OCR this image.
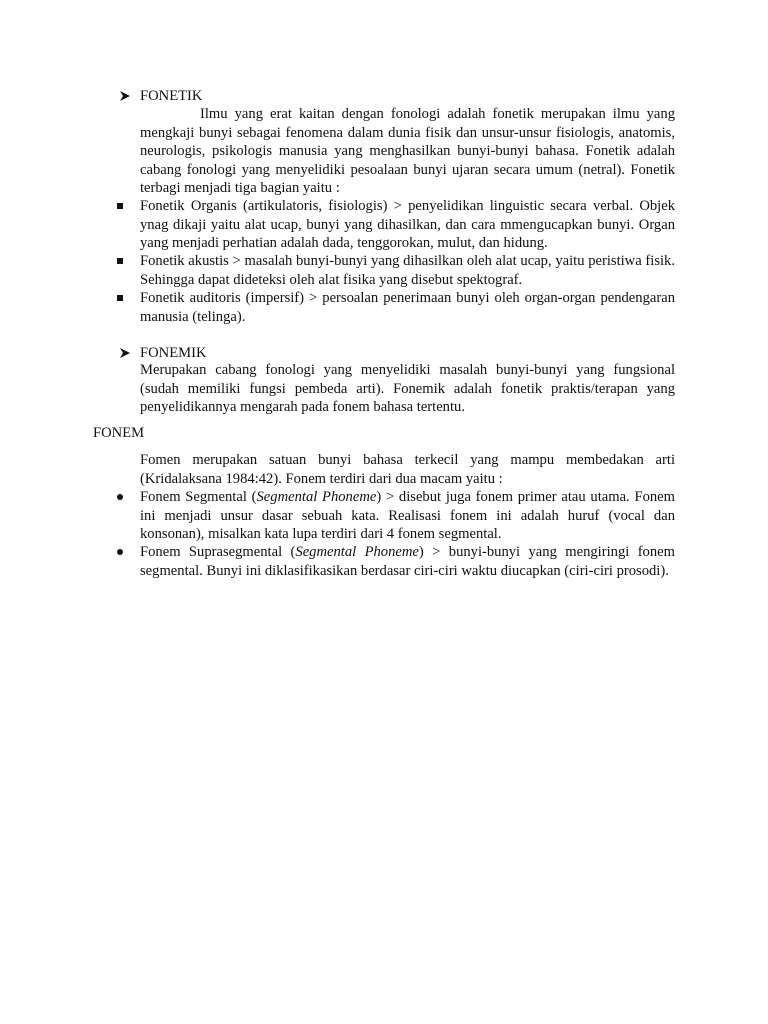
FONETIK

Ilmu yang erat kaitan dengan fonologi adalah fonetik merupakan ilmu yang mengkaji bunyi sebagai fenomena dalam dunia fisik dan unsur-unsur fisiologis, anatomis, neurologis, psikologis manusia yang menghasilkan bunyi-bunyi bahasa. Fonetik adalah cabang fonologi yang menyelidiki pesoalaan bunyi ujaran secara umum (netral). Fonetik terbagi menjadi tiga bagian yaitu :

Fonetik Organis (artikulatoris, fisiologis) > penyelidikan linguistic secara verbal. Objek ynag dikaji yaitu alat ucap, bunyi yang dihasilkan, dan cara mmengucapkan bunyi. Organ yang menjadi perhatian adalah dada, tenggorokan, mulut, dan hidung.

Fonetik akustis > masalah bunyi-bunyi yang dihasilkan oleh alat ucap, yaitu peristiwa fisik. Sehingga dapat dideteksi oleh alat fisika yang disebut spektograf.

Fonetik auditoris (impersif) > persoalan penerimaan bunyi oleh organ-organ pendengaran manusia (telinga).

FONEMIK

Merupakan cabang fonologi yang menyelidiki masalah bunyi-bunyi yang fungsional (sudah memiliki fungsi pembeda arti). Fonemik adalah fonetik praktis/terapan yang penyelidikannya mengarah pada fonem bahasa tertentu.

FONEM

Fomen merupakan satuan bunyi bahasa terkecil yang mampu membedakan arti (Kridalaksana 1984:42). Fonem terdiri dari dua macam yaitu :

Fonem Segmental (Segmental Phoneme) > disebut juga fonem primer atau utama. Fonem ini menjadi unsur dasar sebuah kata. Realisasi fonem ini adalah huruf (vocal dan konsonan), misalkan kata lupa terdiri dari 4 fonem segmental.

Fonem Suprasegmental (Segmental Phoneme) > bunyi-bunyi yang mengiringi fonem segmental. Bunyi ini diklasifikasikan berdasar ciri-ciri waktu diucapkan (ciri-ciri prosodi).
